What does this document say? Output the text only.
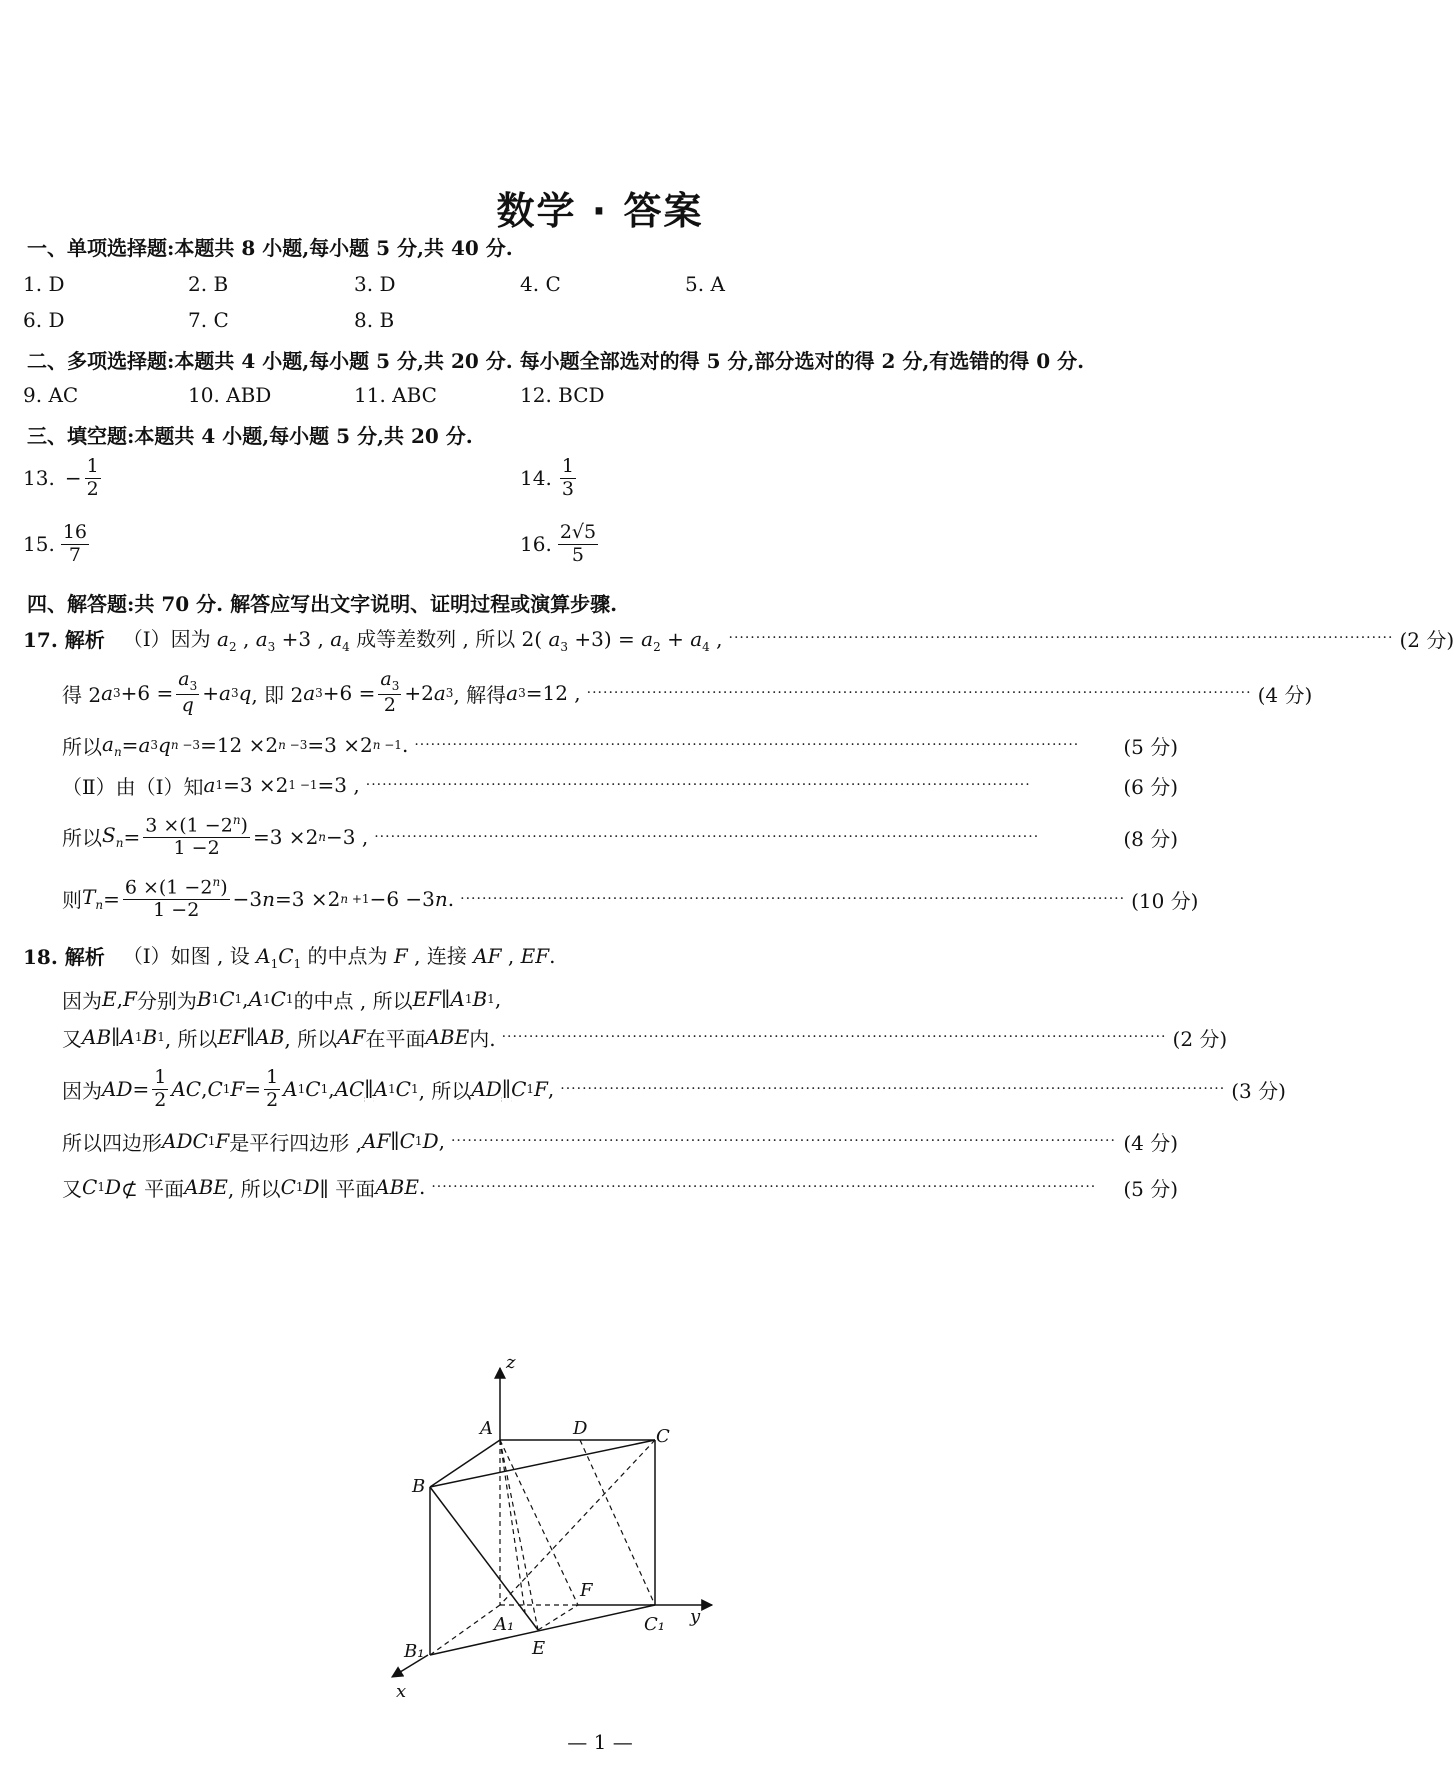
数学 · 答案
一、单项选择题:本题共 8 小题,每小题 5 分,共 40 分.
1. D	2. B	3. D	4. C	5. A
6. D	7. C	8. B
二、多项选择题:本题共 4 小题,每小题 5 分,共 20 分. 每小题全部选对的得 5 分,部分选对的得 2 分,有选错的得 0 分.
9. AC	10. ABD	11. ABC	12. BCD
三、填空题:本题共 4 小题,每小题 5 分,共 20 分.
13. − $\frac{1}{2}$	14. $\frac{1}{3}$
15. $\frac{16}{7}$	16. $\frac{2√5}{5}$
四、解答题:共 70 分. 解答应写出文字说明、证明过程或演算步骤.
17. 解析 （Ⅰ）因为 $a_2$ , $a_3 +3$ , $a_4$ 成等差数列 , 所以 2( $a_3 +3) = a_2 + a_4$ , ·························································································································· (2 分)
得 2 a $3 +6 = \frac{a_3}{q} + a$ 3 q , 即 2 a $3 +6 = \frac{a_3}{2} +2$ a 3 , 解得 a 3 =12 , ·························································································································· (4 分)
所以 $a_n = a$ 3 q n −3 =12 ×2 n −3 =3 ×2 n −1 . ··························································································································	(5 分)
（Ⅱ）由（Ⅰ）知 a 1 =3 ×2 1 −1 =3 , ··························································································································	(6 分)
所以 $S_n = \frac{3 \times(1 -2^n)}{1 -2} =3 \times 2$ n −3 , ··························································································································	(8 分)
则 $T_n = \frac{6 \times(1 -2^n)}{1 -2} -3$ n =3 ×2 n +1 −6 −3 n . ·························································································································· (10 分)
18. 解析 （Ⅰ）如图 , 设 $A_1C_1$ 的中点为 F , 连接 AF , EF.
因为 E , F 分别为 B 1 C 1 , A 1 C 1 的中点 , 所以 EF ∥ A 1 B 1 ,
又 AB ∥ A 1 B 1 , 所以 EF ∥ AB , 所以 AF 在平面 ABE 内. ·························································································································· (2 分)
因为 AD = $\frac{1}{2}$ AC , C 1 $F = \frac{1}{2}$ A 1 C 1 , AC ∥ A 1 C 1 , 所以 AD ∥ C 1 F , ·························································································································· (3 分)
所以四边形 ADC 1 F 是平行四边形 , AF ∥ C 1 D , ·························································································································· (4 分)
又 C 1 D ⊄ 平面 ABE , 所以 C 1 D ∥ 平面 ABE . ··························································································································	(5 分)
z
A	D	C
B
F
A₁	C₁ y
B₁	E
x
— 1 —
